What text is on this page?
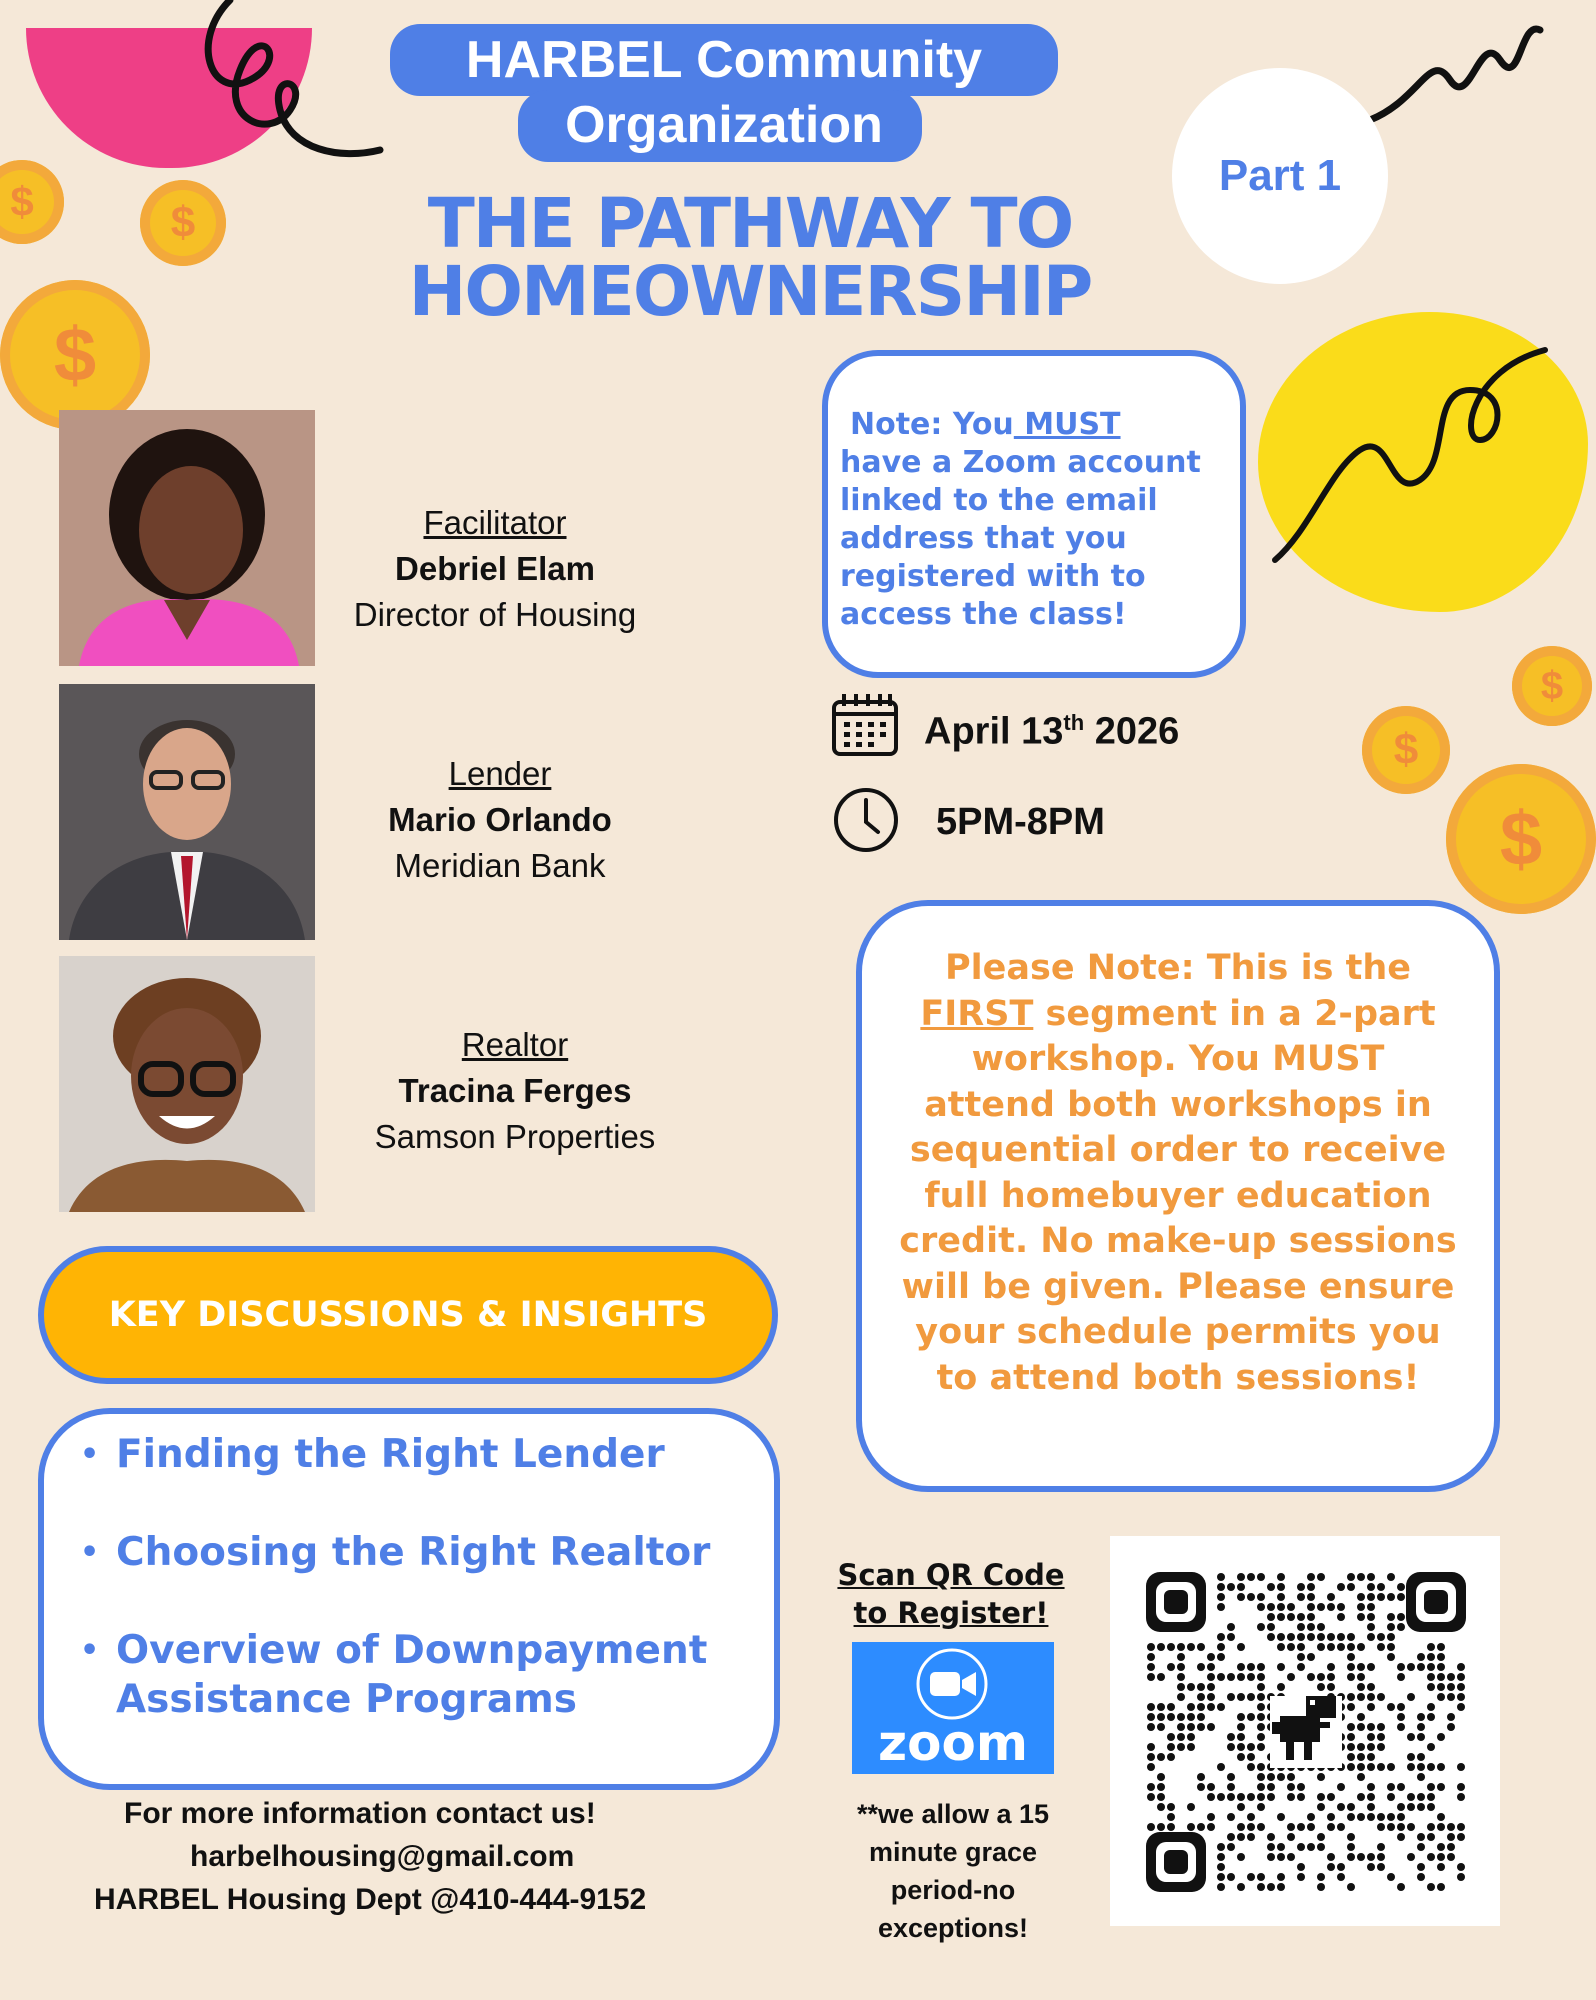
$	$
$
$
$
$
Part 1
HARBEL Community
Organization
THE PATHWAY TO
HOMEOWNERSHIP
Facilitator
Debriel Elam
Director of Housing
Lender
Mario Orlando
Meridian Bank
Realtor
Tracina Ferges
Samson Properties
Note: You MUST
have a Zoom account
linked to the email
address that you
registered with to
access the class!
April 13th 2026
5PM-8PM
Please Note: This is the
FIRST segment in a 2-part
workshop. You MUST
attend both workshops in
sequential order to receive
full homebuyer education
credit. No make-up sessions
will be given. Please ensure
your schedule permits you
to attend both sessions!
KEY DISCUSSIONS & INSIGHTS
• Finding the Right Lender
• Choosing the Right Realtor
• Overview of Downpayment
Assistance Programs
For more information contact us!
harbelhousing@gmail.com
HARBEL Housing Dept @410-444-9152
Scan QR Code
to Register!
zoom
**we allow a 15
minute grace
period-no
exceptions!
